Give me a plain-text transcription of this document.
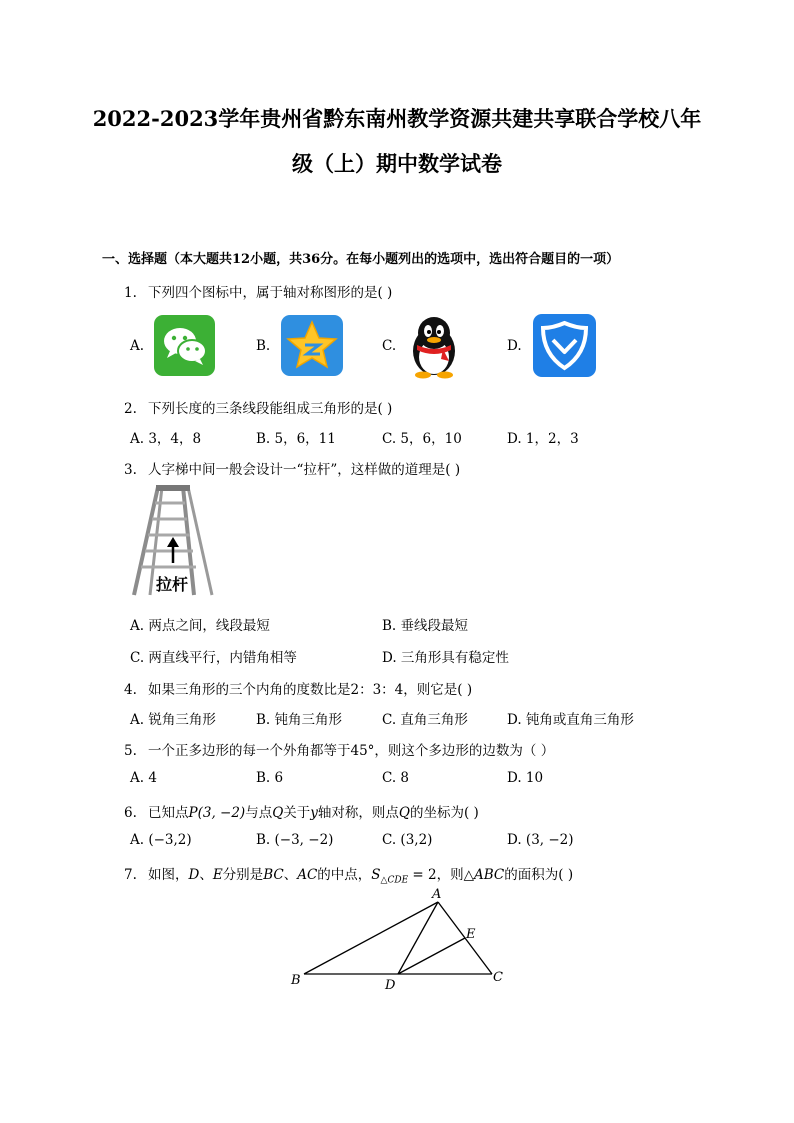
2022-2023学年贵州省黔东南州教学资源共建共享联合学校八年
级（上）期中数学试卷
一、选择题（本大题共12小题，共36分。在每小题列出的选项中，选出符合题目的一项）
1. 下列四个图标中，属于轴对称图形的是( )
A.	B.	C.	D.
2. 下列长度的三条线段能组成三角形的是( )
A. 3，4，8	B. 5，6，11	C. 5，6，10	D. 1，2，3
3. 人字梯中间一般会设计一“拉杆”，这样做的道理是( )
拉杆
A. 两点之间，线段最短	B. 垂线段最短
C. 两直线平行，内错角相等	D. 三角形具有稳定性
4. 如果三角形的三个内角的度数比是2：3：4，则它是( )
A. 锐角三角形	B. 钝角三角形	C. 直角三角形	D. 钝角或直角三角形
5. 一个正多边形的每一个外角都等于45°，则这个多边形的边数为（ ）
A. 4	B. 6	C. 8	D. 10
6. 已知点P(3, −2)与点Q关于y轴对称，则点Q的坐标为( )
A. (−3,2)	B. (−3, −2)	C. (3,2)	D. (3, −2)
7. 如图，D、E分别是BC、AC的中点，$S_{\triangle CDE} = 2$，则△ABC的面积为( )
A
B	C
D
E
